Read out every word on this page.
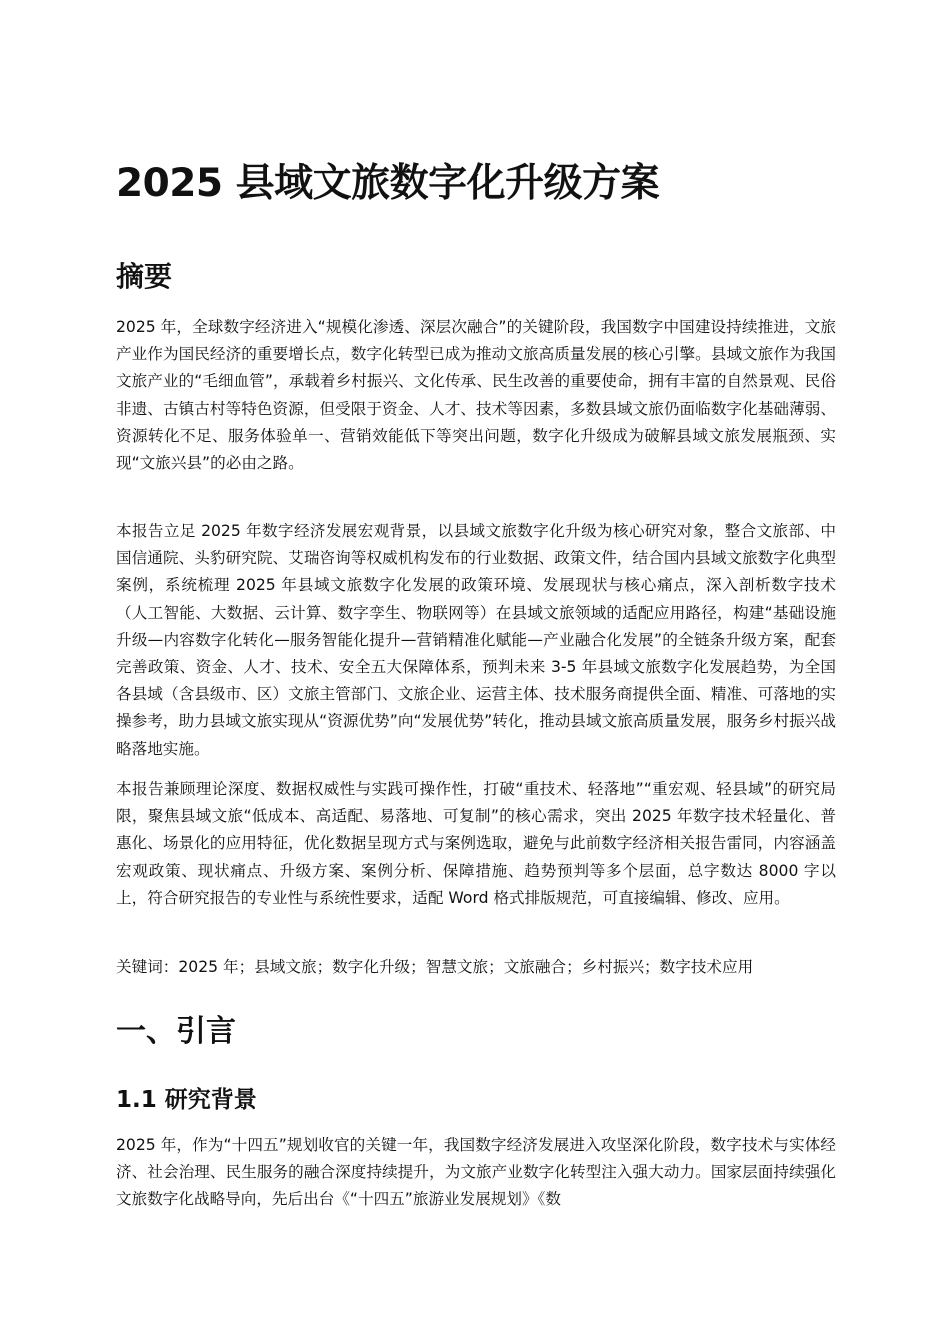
2025 县域文旅数字化升级方案
摘要

2025 年，全球数字经济进入“规模化渗透、深层次融合”的关键阶段，我国数字中国建设持续推进，文旅产业作为国民经济的重要增长点，数字化转型已成为推动文旅高质量发展的核心引擎。县域文旅作为我国文旅产业的“毛细血管”，承载着乡村振兴、文化传承、民生改善的重要使命，拥有丰富的自然景观、民俗非遗、古镇古村等特色资源，但受限于资金、人才、技术等因素，多数县域文旅仍面临数字化基础薄弱、资源转化不足、服务体验单一、营销效能低下等突出问题，数字化升级成为破解县域文旅发展瓶颈、实现“文旅兴县”的必由之路。

本报告立足 2025 年数字经济发展宏观背景，以县域文旅数字化升级为核心研究对象，整合文旅部、中国信通院、头豹研究院、艾瑞咨询等权威机构发布的行业数据、政策文件，结合国内县域文旅数字化典型案例，系统梳理 2025 年县域文旅数字化发展的政策环境、发展现状与核心痛点，深入剖析数字技术（人工智能、大数据、云计算、数字孪生、物联网等）在县域文旅领域的适配应用路径，构建“基础设施升级—内容数字化转化—服务智能化提升—营销精准化赋能—产业融合化发展”的全链条升级方案，配套完善政策、资金、人才、技术、安全五大保障体系，预判未来 3-5 年县域文旅数字化发展趋势，为全国各县域（含县级市、区）文旅主管部门、文旅企业、运营主体、技术服务商提供全面、精准、可落地的实操参考，助力县域文旅实现从“资源优势”向“发展优势”转化，推动县域文旅高质量发展，服务乡村振兴战略落地实施。

本报告兼顾理论深度、数据权威性与实践可操作性，打破“重技术、轻落地”“重宏观、轻县域”的研究局限，聚焦县域文旅“低成本、高适配、易落地、可复制”的核心需求，突出 2025 年数字技术轻量化、普惠化、场景化的应用特征，优化数据呈现方式与案例选取，避免与此前数字经济相关报告雷同，内容涵盖宏观政策、现状痛点、升级方案、案例分析、保障措施、趋势预判等多个层面，总字数达 8000 字以上，符合研究报告的专业性与系统性要求，适配 Word 格式排版规范，可直接编辑、修改、应用。

关键词：2025 年；县域文旅；数字化升级；智慧文旅；文旅融合；乡村振兴；数字技术应用

一、引言
1.1 研究背景

2025 年，作为“十四五”规划收官的关键一年，我国数字经济发展进入攻坚深化阶段，数字技术与实体经济、社会治理、民生服务的融合深度持续提升，为文旅产业数字化转型注入强大动力。国家层面持续强化文旅数字化战略导向，先后出台《“十四五”旅游业发展规划》《数
